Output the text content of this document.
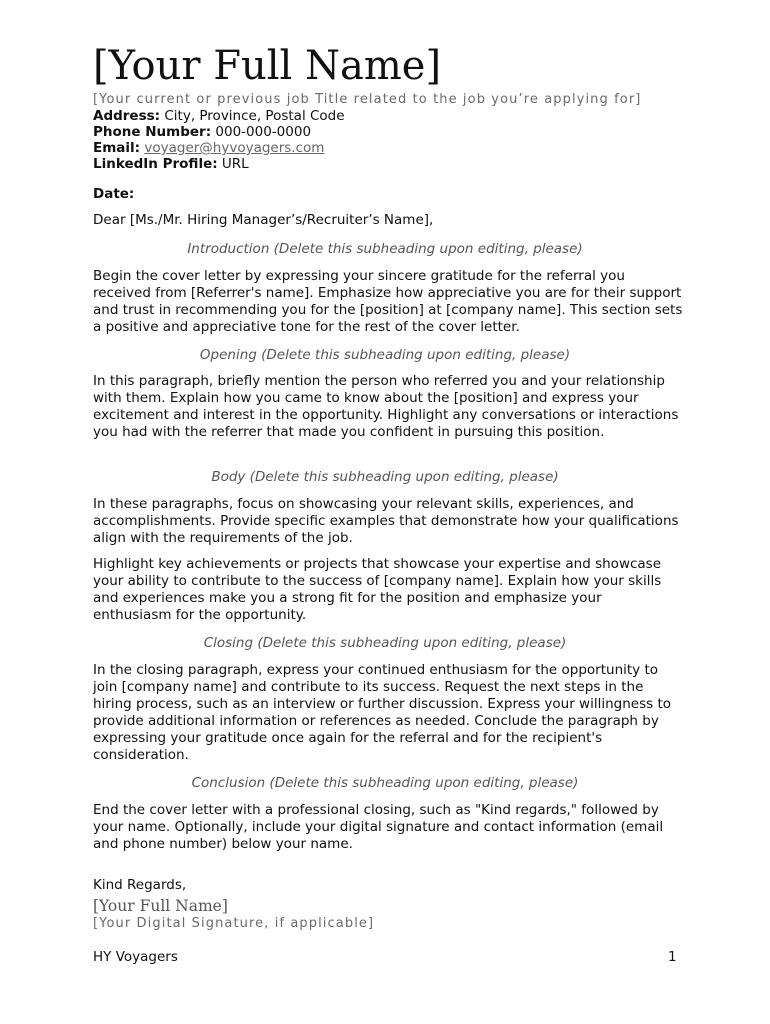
[Your Full Name]
[Your current or previous job Title related to the job you’re applying for]
Address: City, Province, Postal Code
Phone Number: 000-000-0000
Email: voyager@hyvoyagers.com
LinkedIn Profile: URL
Date:
Dear [Ms./Mr. Hiring Manager’s/Recruiter’s Name],
Introduction (Delete this subheading upon editing, please)
Begin the cover letter by expressing your sincere gratitude for the referral you received from [Referrer's name]. Emphasize how appreciative you are for their support and trust in recommending you for the [position] at [company name]. This section sets a positive and appreciative tone for the rest of the cover letter.
Opening (Delete this subheading upon editing, please)
In this paragraph, briefly mention the person who referred you and your relationship with them. Explain how you came to know about the [position] and express your excitement and interest in the opportunity. Highlight any conversations or interactions you had with the referrer that made you confident in pursuing this position.
Body (Delete this subheading upon editing, please)
In these paragraphs, focus on showcasing your relevant skills, experiences, and accomplishments. Provide specific examples that demonstrate how your qualifications align with the requirements of the job.
Highlight key achievements or projects that showcase your expertise and showcase your ability to contribute to the success of [company name]. Explain how your skills and experiences make you a strong fit for the position and emphasize your enthusiasm for the opportunity.
Closing (Delete this subheading upon editing, please)
In the closing paragraph, express your continued enthusiasm for the opportunity to join [company name] and contribute to its success. Request the next steps in the hiring process, such as an interview or further discussion. Express your willingness to provide additional information or references as needed. Conclude the paragraph by expressing your gratitude once again for the referral and for the recipient's consideration.
Conclusion (Delete this subheading upon editing, please)
End the cover letter with a professional closing, such as "Kind regards," followed by your name. Optionally, include your digital signature and contact information (email and phone number) below your name.
Kind Regards,
[Your Full Name]
[Your Digital Signature, if applicable]
HY Voyagers	1
